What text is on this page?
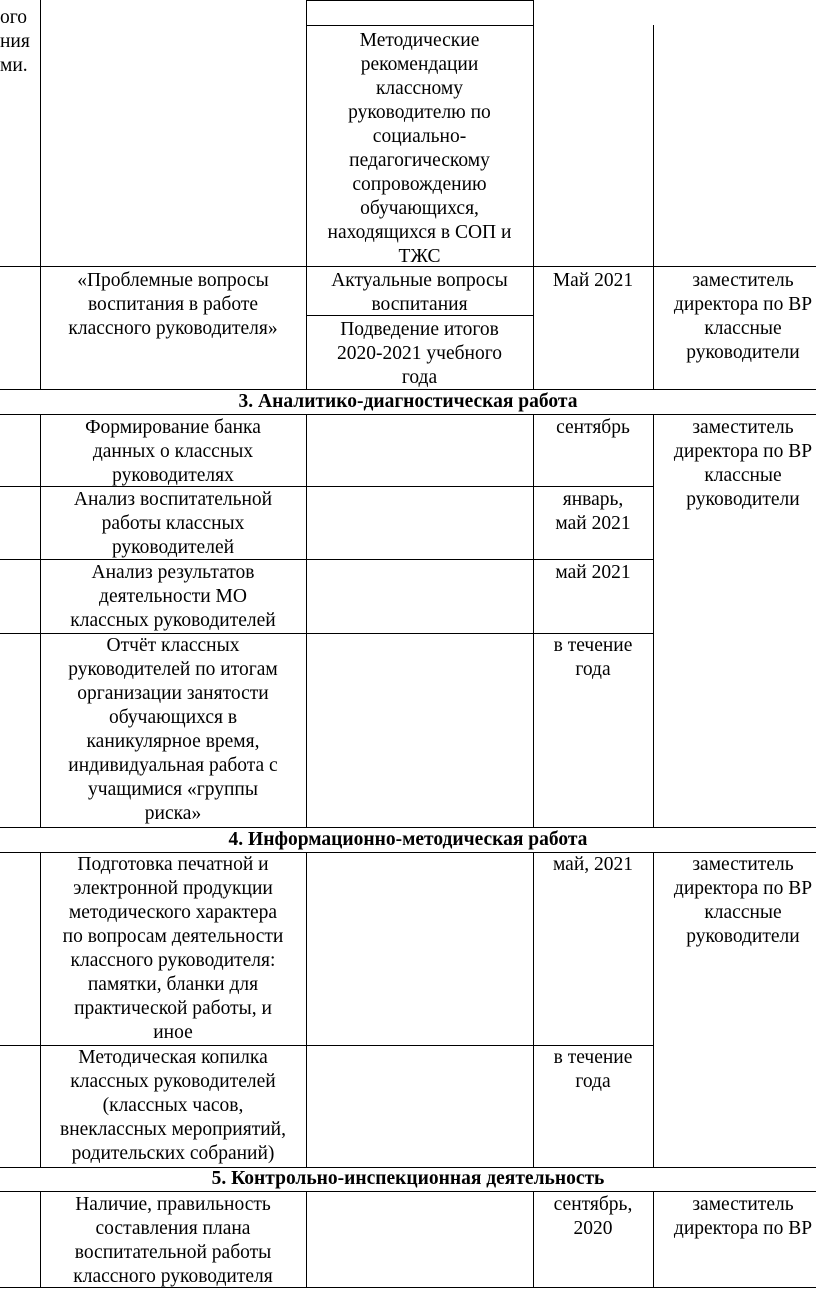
ого
ния
ми.
Методические
рекомендации
классному
руководителю по
социально-
педагогическому
сопровождению
обучающихся,
находящихся в СОП и
ТЖС
«Проблемные вопросы
воспитания в работе
классного руководителя»
Актуальные вопросы
воспитания
Подведение итогов
2020-2021 учебного
года
Май 2021	заместитель
директора по ВР
классные
руководители
3. Аналитико-диагностическая работа
Формирование банка
данных о классных
руководителях
сентябрь
Анализ воспитательной
работы классных
руководителей
январь,
май 2021
Анализ результатов
деятельности МО
классных руководителей
май 2021
Отчёт классных
руководителей по итогам
организации занятости
обучающихся в
каникулярное время,
индивидуальная работа с
учащимися «группы
риска»
в течение
года
заместитель
директора по ВР
классные
руководители
4. Информационно-методическая работа
Подготовка печатной и
электронной продукции
методического характера
по вопросам деятельности
классного руководителя:
памятки, бланки для
практической работы, и
иное
май, 2021
Методическая копилка
классных руководителей
(классных часов,
внеклассных мероприятий,
родительских собраний)
в течение
года
заместитель
директора по ВР
классные
руководители
5. Контрольно-инспекционная деятельность
Наличие, правильность
составления плана
воспитательной работы
классного руководителя
сентябрь,
2020
заместитель
директора по ВР
